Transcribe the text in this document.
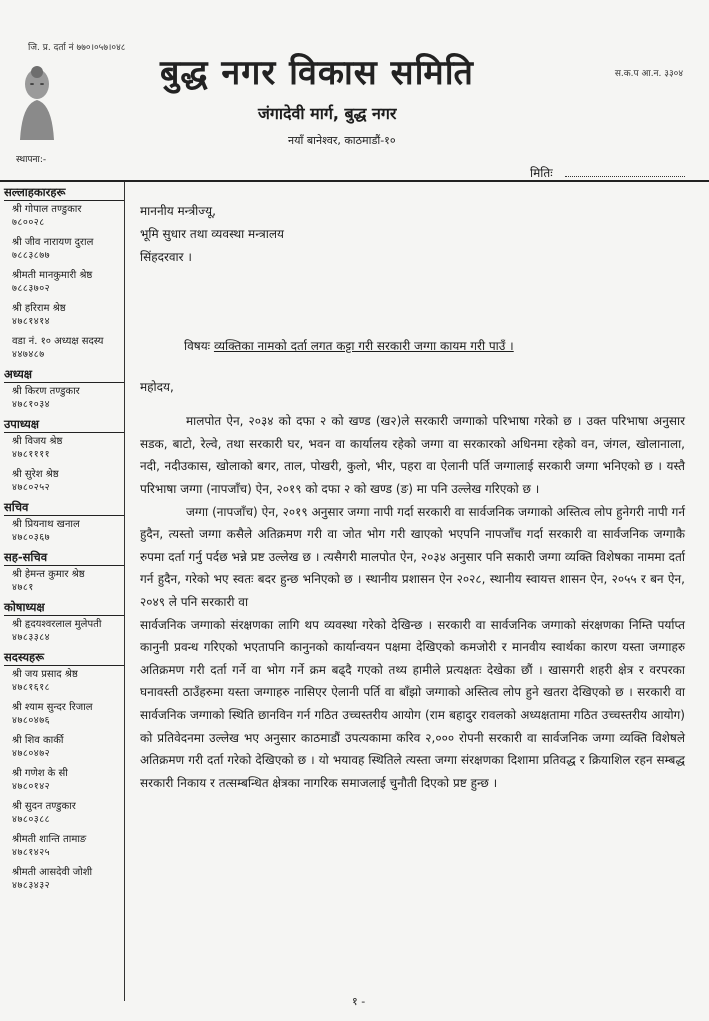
जि. प्र. दर्ता नं ७७०।०५७।०४८
स.क.प आ.न. ३३०४
बुद्ध नगर विकास समिति
जंगादेवी मार्ग, बुद्ध नगर
नयाँ बानेश्वर, काठमाडौं-१०
स्थापना:-
मितिः
सल्लाहकारहरू
श्री गोपाल तण्डुकार
७८००२८
श्री जीव नारायण दुराल
७८८३८७७
श्रीमती मानकुमारी श्रेष्ठ
७८८३७०२
श्री हरिराम श्रेष्ठ
४७८१४१४
वडा नं. १० अध्यक्ष सदस्य
४४७४८७
अध्यक्ष
श्री किरण तण्डुकार
४७८१०३४
उपाध्यक्ष
श्री विजय श्रेष्ठ
४७८११११
श्री सुरेश श्रेष्ठ
४७८०२५२
सचिव
श्री प्रियनाथ खनाल
४७८०३६७
सह-सचिव
श्री हेमन्त कुमार श्रेष्ठ
४७८१
कोषाध्यक्ष
श्री हृदयश्वरलाल मुलेपती
४७८३३८४
सदस्यहरू
श्री जय प्रसाद श्रेष्ठ
४७८१६१८
श्री श्याम सुन्दर रिजाल
४७८०४७६
श्री शिव कार्की
४७८०४७२
श्री गणेश के सी
४७८०१४२
श्री सुदन तण्डुकार
४७८०३८८
श्रीमती शान्ति तामाङ
४७८१४२५
श्रीमती आसदेवी जोशी
४७८३४३२
माननीय मन्त्रीज्यू,
भूमि सुधार तथा व्यवस्था मन्त्रालय
सिंहदरवार ।
विषयः व्यक्तिका नामको दर्ता लगत कट्टा गरी सरकारी जग्गा कायम गरी पाउँ ।
महोदय,

मालपोत ऐन, २०३४ को दफा २ को खण्ड (ख२)ले सरकारी जग्गाको परिभाषा गरेको छ । उक्त परिभाषा अनुसार सडक, बाटो, रेल्वे, तथा सरकारी घर, भवन वा कार्यालय रहेको जग्गा वा सरकारको अधिनमा रहेको वन, जंगल, खोलानाला, नदी, नदीउकास, खोलाको बगर, ताल, पोखरी, कुलो, भीर, पहरा वा ऐलानी पर्ति जग्गालाई सरकारी जग्गा भनिएको छ । यस्तै परिभाषा जग्गा (नापजाँच) ऐन, २०१९ को दफा २ को खण्ड (ङ) मा पनि उल्लेख गरिएको छ ।

जग्गा (नापजाँच) ऐन, २०१९ अनुसार जग्गा नापी गर्दा सरकारी वा सार्वजनिक जग्गाको अस्तित्व लोप हुनेगरी नापी गर्न हुदैन, त्यस्तो जग्गा कसैले अतिक्रमण गरी वा जोत भोग गरी खाएको भएपनि नापजाँच गर्दा सरकारी वा सार्वजनिक जग्गाकै रुपमा दर्ता गर्नु पर्दछ भन्ने प्रष्ट उल्लेख छ । त्यसैगरी मालपोत ऐन, २०३४ अनुसार पनि सकारी जग्गा व्यक्ति विशेषका नाममा दर्ता गर्न हुदैन, गरेको भए स्वतः बदर हुन्छ भनिएको छ । स्थानीय प्रशासन ऐन २०२८, स्थानीय स्वायत्त शासन ऐन, २०५५ र बन ऐन, २०४९ ले पनि सरकारी वा

सार्वजनिक जग्गाको संरक्षणका लागि थप व्यवस्था गरेको देखिन्छ । सरकारी वा सार्वजनिक जग्गाको संरक्षणका निम्ति पर्याप्त कानुनी प्रवन्ध गरिएको भएतापनि कानुनको कार्यान्वयन पक्षमा देखिएको कमजोरी र मानवीय स्वार्थका कारण यस्ता जग्गाहरु अतिक्रमण गरी दर्ता गर्ने वा भोग गर्ने क्रम बढ्दै गएको तथ्य हामीले प्रत्यक्षतः देखेका छौं । खासगरी शहरी क्षेत्र र वरपरका घनावस्ती ठाउँहरुमा यस्ता जग्गाहरु नासिएर ऐलानी पर्ति वा बाँझो जग्गाको अस्तित्व लोप हुने खतरा देखिएको छ । सरकारी वा सार्वजनिक जग्गाको स्थिति छानविन गर्न गठित उच्चस्तरीय आयोग (राम बहादुर रावलको अध्यक्षतामा गठित उच्चस्तरीय आयोग) को प्रतिवेदनमा उल्लेख भए अनुसार काठमाडौं उपत्यकामा करिव २,००० रोपनी सरकारी वा सार्वजनिक जग्गा व्यक्ति विशेषले अतिक्रमण गरी दर्ता गरेको देखिएको छ । यो भयावह स्थितिले त्यस्ता जग्गा संरक्षणका दिशामा प्रतिवद्ध र क्रियाशिल रहन सम्बद्ध सरकारी निकाय र तत्सम्बन्धित क्षेत्रका नागरिक समाजलाई चुनौती दिएको प्रष्ट हुन्छ ।

१ -
